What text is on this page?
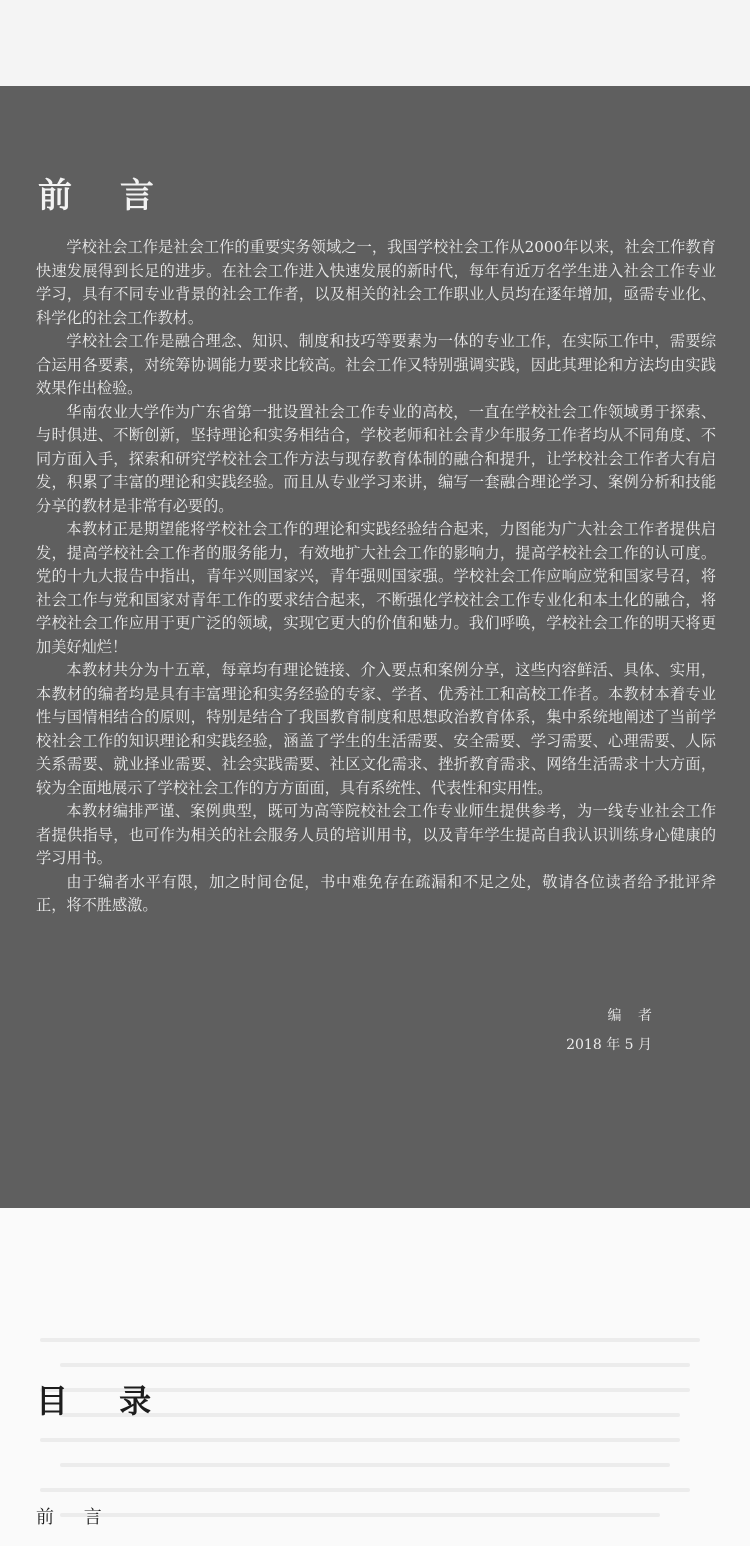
前 言

学校社会工作是社会工作的重要实务领域之一，我国学校社会工作从2000年以来，社会工作教育快速发展得到长足的进步。在社会工作进入快速发展的新时代，每年有近万名学生进入社会工作专业学习，具有不同专业背景的社会工作者，以及相关的社会工作职业人员均在逐年增加，亟需专业化、科学化的社会工作教材。

学校社会工作是融合理念、知识、制度和技巧等要素为一体的专业工作，在实际工作中，需要综合运用各要素，对统筹协调能力要求比较高。社会工作又特别强调实践，因此其理论和方法均由实践效果作出检验。

华南农业大学作为广东省第一批设置社会工作专业的高校，一直在学校社会工作领域勇于探索、与时俱进、不断创新，坚持理论和实务相结合，学校老师和社会青少年服务工作者均从不同角度、不同方面入手，探索和研究学校社会工作方法与现存教育体制的融合和提升，让学校社会工作者大有启发，积累了丰富的理论和实践经验。而且从专业学习来讲，编写一套融合理论学习、案例分析和技能分享的教材是非常有必要的。

本教材正是期望能将学校社会工作的理论和实践经验结合起来，力图能为广大社会工作者提供启发，提高学校社会工作者的服务能力，有效地扩大社会工作的影响力，提高学校社会工作的认可度。党的十九大报告中指出，青年兴则国家兴，青年强则国家强。学校社会工作应响应党和国家号召，将社会工作与党和国家对青年工作的要求结合起来，不断强化学校社会工作专业化和本土化的融合，将学校社会工作应用于更广泛的领域，实现它更大的价值和魅力。我们呼唤，学校社会工作的明天将更加美好灿烂！

本教材共分为十五章，每章均有理论链接、介入要点和案例分享，这些内容鲜活、具体、实用，本教材的编者均是具有丰富理论和实务经验的专家、学者、优秀社工和高校工作者。本教材本着专业性与国情相结合的原则，特别是结合了我国教育制度和思想政治教育体系，集中系统地阐述了当前学校社会工作的知识理论和实践经验，涵盖了学生的生活需要、安全需要、学习需要、心理需要、人际关系需要、就业择业需要、社会实践需要、社区文化需求、挫折教育需求、网络生活需求十大方面，较为全面地展示了学校社会工作的方方面面，具有系统性、代表性和实用性。

本教材编排严谨、案例典型，既可为高等院校社会工作专业师生提供参考，为一线专业社会工作者提供指导，也可作为相关的社会服务人员的培训用书，以及青年学生提高自我认识训练身心健康的学习用书。

由于编者水平有限，加之时间仓促，书中难免存在疏漏和不足之处，敬请各位读者给予批评斧正，将不胜感激。

编 者
2018 年 5 月
目 录
前 言
